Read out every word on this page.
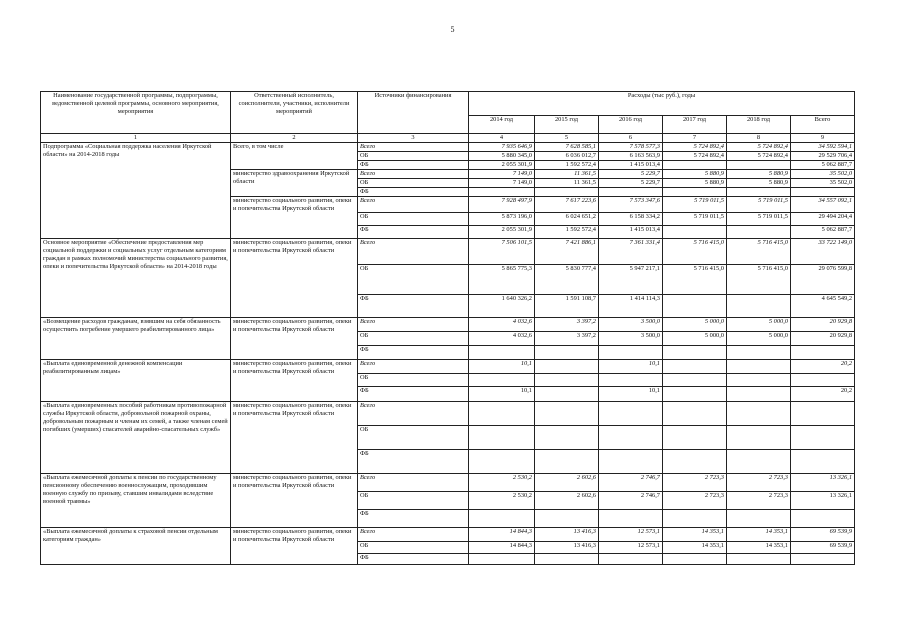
5
Наименование государственной программы, подпрограммы, ведомственной целевой программы, основного мероприятия, мероприятия	Ответственный исполнитель, соисполнители, участники, исполнители мероприятий	Источники финансирования	Расходы (тыс руб.), годы					
			2014 год	2015 год	2016 год	2017 год	2018 год	Всего
1	2	3	4	5	6	7	8	9
Подпрограмма «Социальная поддержка населения Иркутской области» на 2014-2018 годы	Всего, в том числе	Всего	7 935 646,9	7 628 585,1	7 578 577,3	5 724 892,4	5 724 892,4	34 592 594,1
		ОБ	5 880 345,0	6 036 012,7	6 163 563,9	5 724 892,4	5 724 892,4	29 529 706,4
		ФБ	2 055 301,9	1 592 572,4	1 415 013,4			5 062 887,7
	министерство здравоохранения Иркутской области	Всего	7 149,0	11 361,5	5 229,7	5 880,9	5 880,9	35 502,0
		ОБ	7 149,0	11 361,5	5 229,7	5 880,9	5 880,9	35 502,0
		ФБ						
	министерство социального развития, опеки и попечительства Иркутской области	Всего	7 928 497,9	7 617 223,6	7 573 347,6	5 719 011,5	5 719 011,5	34 557 092,1
		ОБ	5 873 196,0	6 024 651,2	6 158 334,2	5 719 011,5	5 719 011,5	29 494 204,4
		ФБ	2 055 301,9	1 592 572,4	1 415 013,4			5 062 887,7
Основное мероприятие «Обеспечение предоставления мер социальной поддержки и социальных услуг отдельным категориям граждан в рамках полномочий министерства социального развития, опеки и попечительства Иркутской области» на 2014-2018 годы	министерство социального развития, опеки и попечительства Иркутской области	Всего	7 506 101,5	7 421 886,1	7 361 331,4	5 716 415,0	5 716 415,0	33 722 149,0
		ОБ	5 865 775,3	5 830 777,4	5 947 217,1	5 716 415,0	5 716 415,0	29 076 599,8
		ФБ	1 640 326,2	1 591 108,7	1 414 114,3			4 645 549,2
«Возмещение расходов гражданам, взявшим на себя обязанность осуществить погребение умершего реабилитированного лица»	министерство социального развития, опеки и попечительства Иркутской области	Всего	4 032,6	3 397,2	3 500,0	5 000,0	5 000,0	20 929,8
		ОБ	4 032,6	3 397,2	3 500,0	5 000,0	5 000,0	20 929,8
		ФБ						
«Выплата единовременной денежной компенсации реабилитированным лицам»	министерство социального развития, опеки и попечительства Иркутской области	Всего	10,1		10,1			20,2
		ОБ						
		ФБ	10,1		10,1			20,2
«Выплата единовременных пособий работникам противопожарной службы Иркутской области, добровольной пожарной охраны, добровольным пожарным и членам их семей, а также членам семей погибших (умерших) спасателей аварийно-спасательных служб»	министерство социального развития, опеки и попечительства Иркутской области	Всего						
		ОБ						
		ФБ						
«Выплата ежемесячной доплаты к пенсии по государственному пенсионному обеспечению военнослужащим, проходившим военную службу по призыву, ставшим инвалидами вследствие военной травмы»	министерство социального развития, опеки и попечительства Иркутской области	Всего	2 530,2	2 602,6	2 746,7	2 723,3	2 723,3	13 326,1
		ОБ	2 530,2	2 602,6	2 746,7	2 723,3	2 723,3	13 326,1
		ФБ						
«Выплата ежемесячной доплаты к страховой пенсии отдельным категориям граждан»	министерство социального развития, опеки и попечительства Иркутской области	Всего	14 844,3	13 416,3	12 573,1	14 353,1	14 353,1	69 539,9
		ОБ	14 844,3	13 416,3	12 573,1	14 353,1	14 353,1	69 539,9
		ФБ						
